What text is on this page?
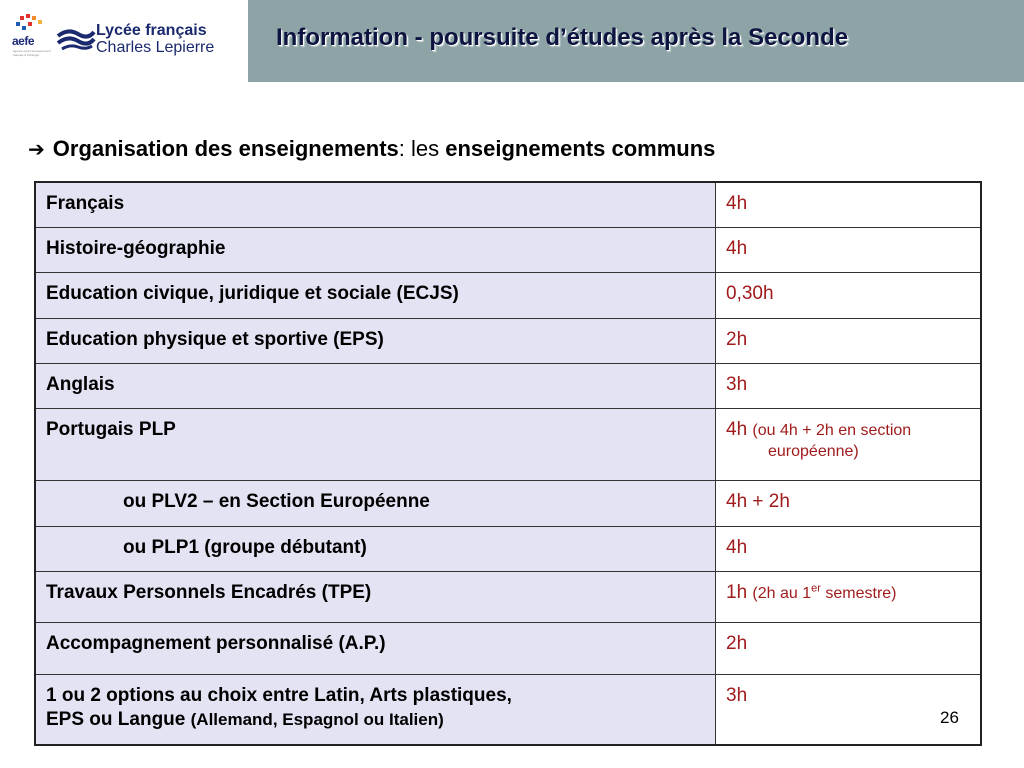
Information - poursuite d’études après la Seconde
aefe
agence pour l'enseignement français à l'étranger
Lycée français
Charles Lepierre
➔ Organisation des enseignements: les enseignements communs
Français	4h

Histoire-géographie	4h

Education civique, juridique et sociale (ECJS)	0,30h

Education physique et sportive (EPS)	2h

Anglais	3h

Portugais PLP	4h (ou 4h + 2h en section
européenne)

ou PLV2 – en Section Européenne	4h + 2h

ou PLP1 (groupe débutant)	4h

Travaux Personnels Encadrés (TPE)	1h (2h au 1er semestre)

Accompagnement personnalisé (A.P.)	2h

1 ou 2 options au choix entre Latin, Arts plastiques,
EPS ou Langue (Allemand, Espagnol ou Italien)	3h
26
